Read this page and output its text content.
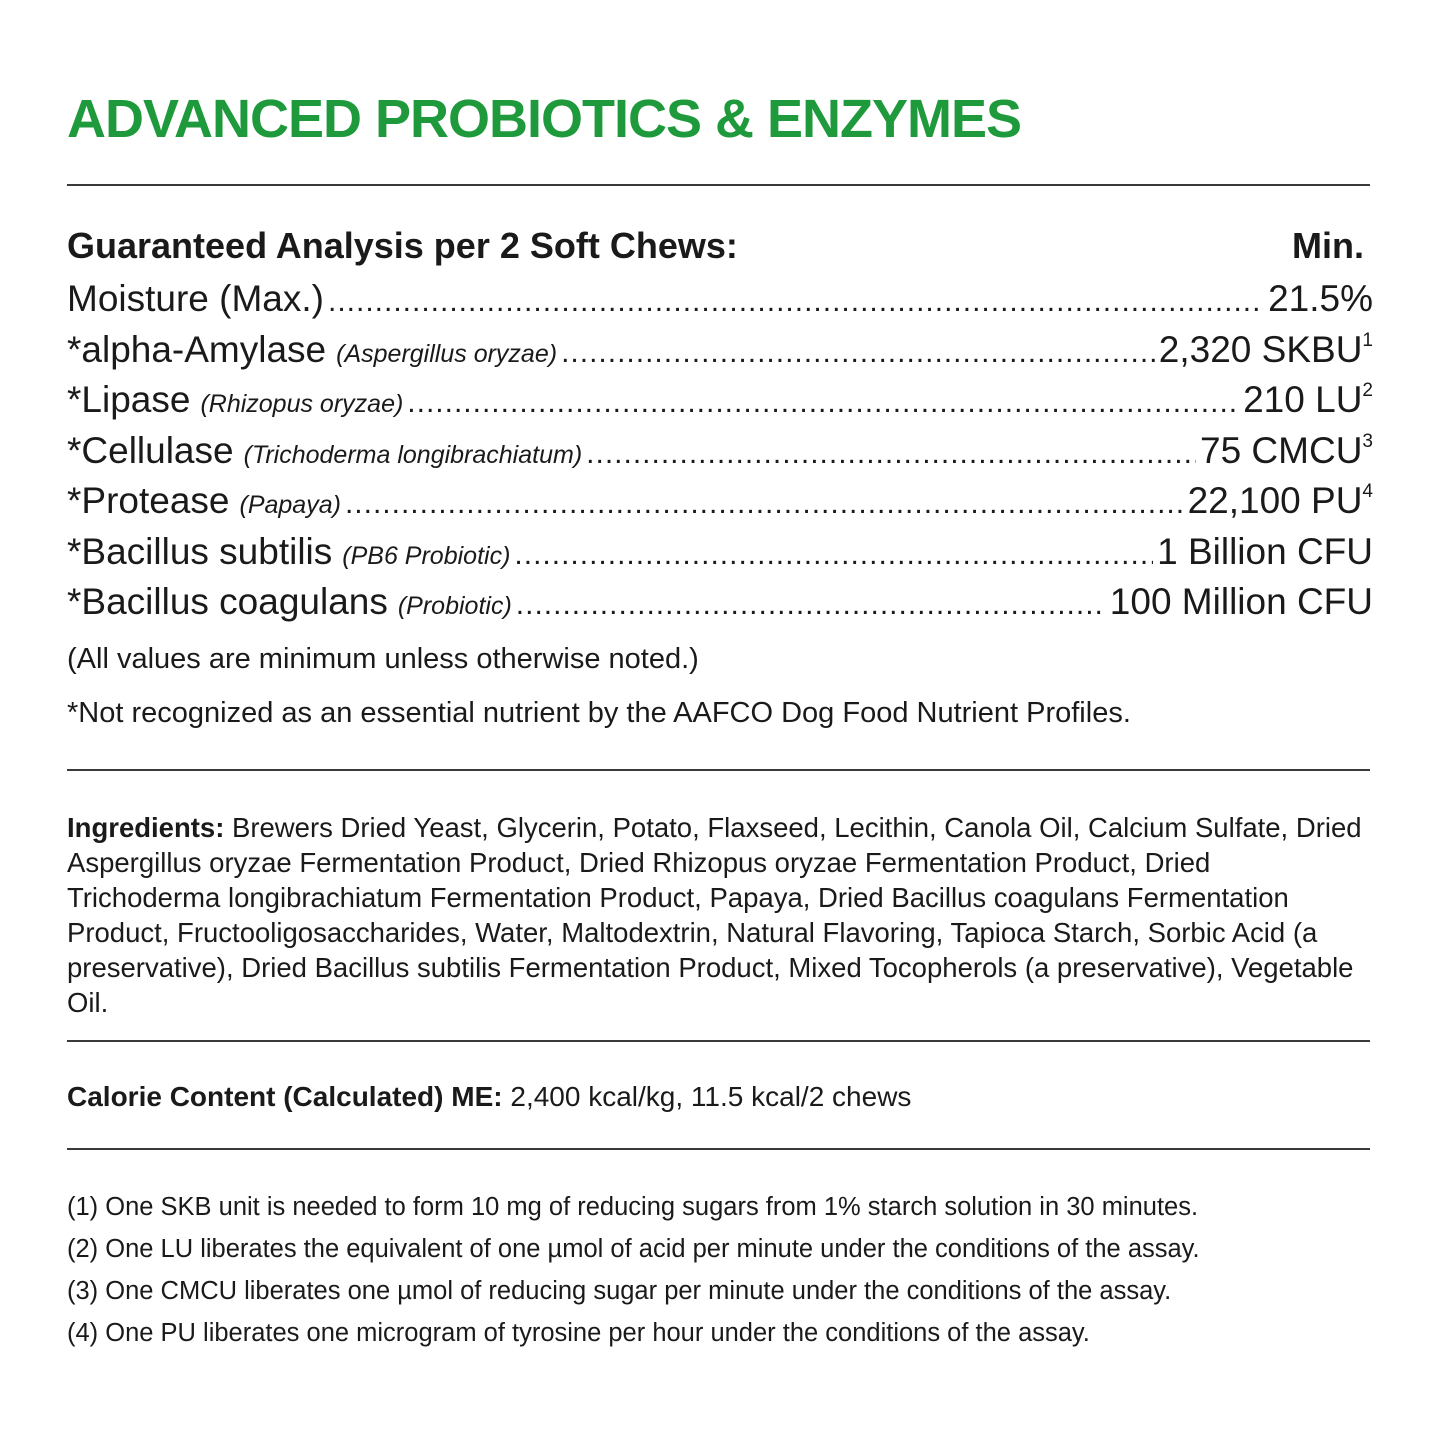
ADVANCED PROBIOTICS & ENZYMES
Guaranteed Analysis per 2 Soft Chews:	Min.
Moisture (Max.) .....	21.5%
*alpha-Amylase (Aspergillus oryzae) .....	2,320 SKBU$^1$
*Lipase (Rhizopus oryzae) .....	210 $LU^2$
*Cellulase (Trichoderma longibrachiatum) .....	75 CMCU$^3$
*Protease (Papaya) .....	22,100 $PU^4$
*Bacillus subtilis (PB6 Probiotic) .....	1 Billion CFU
*Bacillus coagulans (Probiotic) .....	100 Million CFU
(All values are minimum unless otherwise noted.)
*Not recognized as an essential nutrient by the AAFCO Dog Food Nutrient Profiles.

Ingredients: Brewers Dried Yeast, Glycerin, Potato, Flaxseed, Lecithin, Canola Oil, Calcium Sulfate, Dried Aspergillus oryzae Fermentation Product, Dried Rhizopus oryzae Fermentation Product, Dried Trichoderma longibrachiatum Fermentation Product, Papaya, Dried Bacillus coagulans Fermentation Product, Fructooligosaccharides, Water, Maltodextrin, Natural Flavoring, Tapioca Starch, Sorbic Acid (a preservative), Dried Bacillus subtilis Fermentation Product, Mixed Tocopherols (a preservative), Vegetable Oil.

Calorie Content (Calculated) ME: 2,400 kcal/kg, 11.5 kcal/2 chews
(1) One SKB unit is needed to form 10 mg of reducing sugars from 1% starch solution in 30 minutes.
(2) One LU liberates the equivalent of one µmol of acid per minute under the conditions of the assay.
(3) One CMCU liberates one µmol of reducing sugar per minute under the conditions of the assay.
(4) One PU liberates one microgram of tyrosine per hour under the conditions of the assay.
